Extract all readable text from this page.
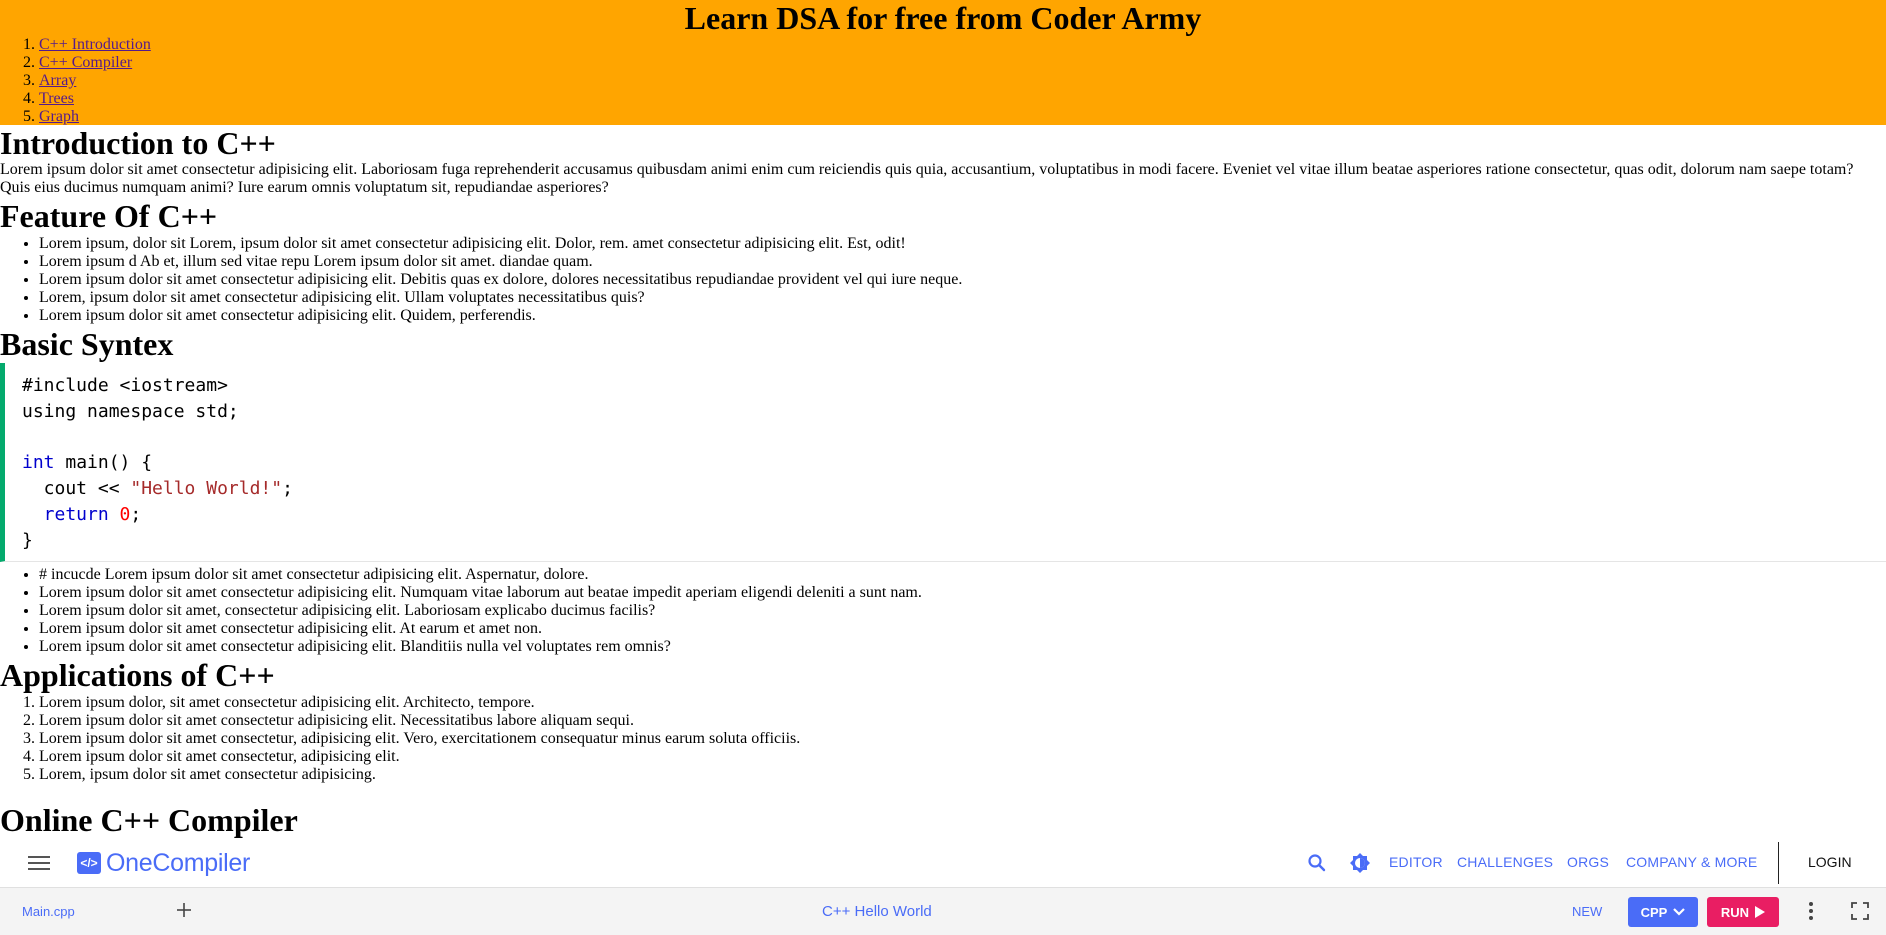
Learn DSA for free from Coder Army
1. C++ Introduction
2. C++ Compiler
3. Array
4. Trees
5. Graph
Introduction to C++

Lorem ipsum dolor sit amet consectetur adipisicing elit. Laboriosam fuga reprehenderit accusamus quibusdam animi enim cum reiciendis quis quia, accusantium, voluptatibus in modi facere. Eveniet vel vitae illum beatae asperiores ratione consectetur, quas odit, dolorum nam saepe totam? Quis eius ducimus numquam animi? Iure earum omnis voluptatum sit, repudiandae asperiores?

Feature Of C++
• Lorem ipsum, dolor sit Lorem, ipsum dolor sit amet consectetur adipisicing elit. Dolor, rem. amet consectetur adipisicing elit. Est, odit!
• Lorem ipsum d Ab et, illum sed vitae repu Lorem ipsum dolor sit amet. diandae quam.
• Lorem ipsum dolor sit amet consectetur adipisicing elit. Debitis quas ex dolore, dolores necessitatibus repudiandae provident vel qui iure neque.
• Lorem, ipsum dolor sit amet consectetur adipisicing elit. Ullam voluptates necessitatibus quis?
• Lorem ipsum dolor sit amet consectetur adipisicing elit. Quidem, perferendis.
Basic Syntex
#include <iostream>
using namespace std;

int main() {
cout << "Hello World!";
return 0;
}
• # incucde Lorem ipsum dolor sit amet consectetur adipisicing elit. Aspernatur, dolore.
• Lorem ipsum dolor sit amet consectetur adipisicing elit. Numquam vitae laborum aut beatae impedit aperiam eligendi deleniti a sunt nam.
• Lorem ipsum dolor sit amet, consectetur adipisicing elit. Laboriosam explicabo ducimus facilis?
• Lorem ipsum dolor sit amet consectetur adipisicing elit. At earum et amet non.
• Lorem ipsum dolor sit amet consectetur adipisicing elit. Blanditiis nulla vel voluptates rem omnis?
Applications of C++
1. Lorem ipsum dolor, sit amet consectetur adipisicing elit. Architecto, tempore.
2. Lorem ipsum dolor sit amet consectetur adipisicing elit. Necessitatibus labore aliquam sequi.
3. Lorem ipsum dolor sit amet consectetur, adipisicing elit. Vero, exercitationem consequatur minus earum soluta officiis.
4. Lorem ipsum dolor sit amet consectetur, adipisicing elit.
5. Lorem, ipsum dolor sit amet consectetur adipisicing.
Online C++ Compiler
</> OneCompiler	EDITOR CHALLENGES ORGS COMPANY & MORE	LOGIN
Main.cpp	C++ Hello World	NEW	CPP	RUN
